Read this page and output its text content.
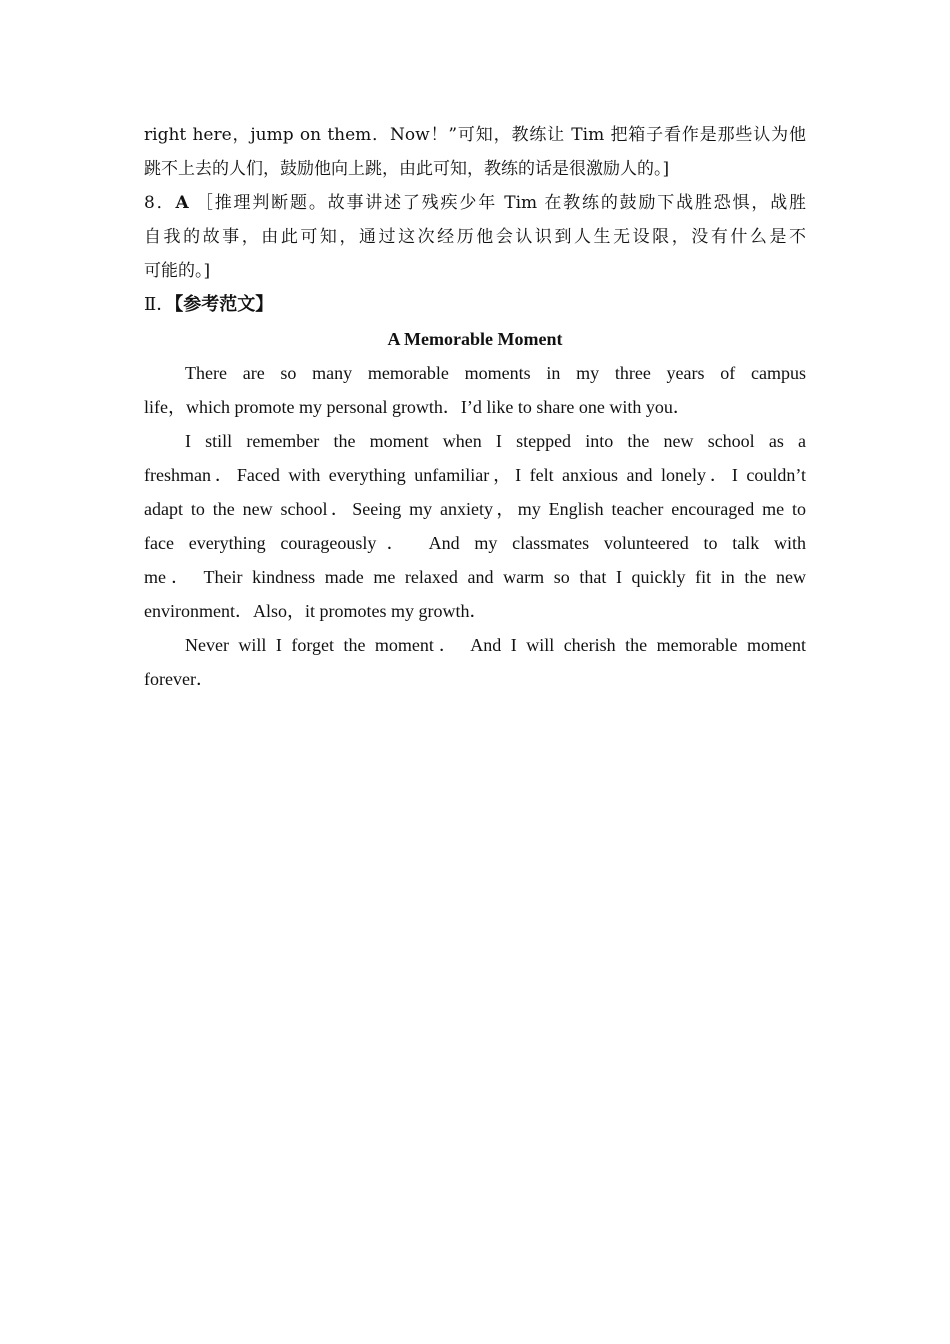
right here，jump on them．Now！”可知，教练让 Tim 把箱子看作是那些认为他
跳不上去的人们，鼓励他向上跳，由此可知，教练的话是很激励人的。]
8．A ［推理判断题。故事讲述了残疾少年 Tim 在教练的鼓励下战胜恐惧，战胜
自我的故事，由此可知，通过这次经历他会认识到人生无设限，没有什么是不
可能的。]
Ⅱ．【参考范文】
A Memorable Moment
There are so many memorable moments in my three years of campus
life，which promote my personal growth．I’d like to share one with you．
I still remember the moment when I stepped into the new school as a
freshman．Faced with everything unfamiliar，I felt anxious and lonely．I couldn’t
adapt to the new school．Seeing my anxiety，my English teacher encouraged me to
face everything courageously． And my classmates volunteered to talk with
me． Their kindness made me relaxed and warm so that I quickly fit in the new
environment．Also，it promotes my growth．
Never will I forget the moment． And I will cherish the memorable moment
forever．
